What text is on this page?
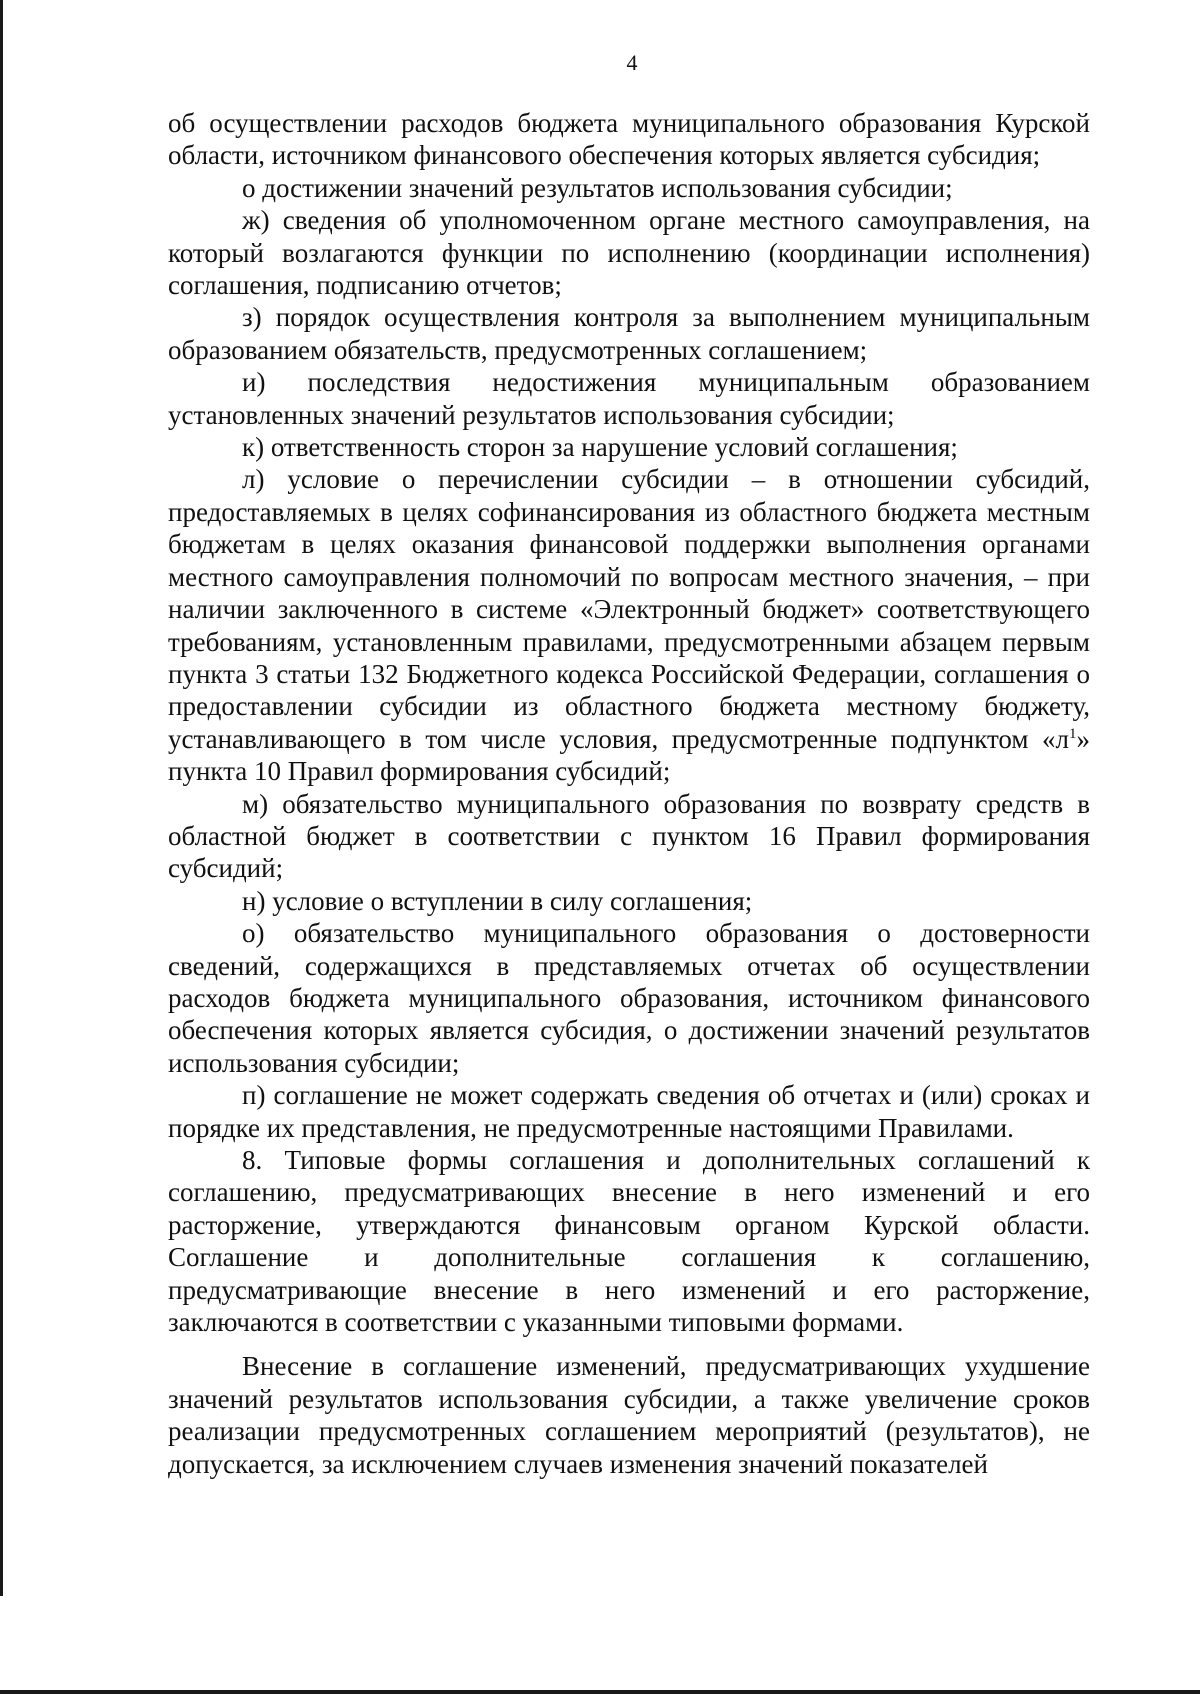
4

об осуществлении расходов бюджета муниципального образования Курской области, источником финансового обеспечения которых является субсидия;

о достижении значений результатов использования субсидии;

ж) сведения об уполномоченном органе местного самоуправления, на который возлагаются функции по исполнению (координации исполнения) соглашения, подписанию отчетов;

з) порядок осуществления контроля за выполнением муниципальным образованием обязательств, предусмотренных соглашением;

и) последствия недостижения муниципальным образованием установленных значений результатов использования субсидии;

к) ответственность сторон за нарушение условий соглашения;

л) условие о перечислении субсидии – в отношении субсидий, предоставляемых в целях софинансирования из областного бюджета местным бюджетам в целях оказания финансовой поддержки выполнения органами местного самоуправления полномочий по вопросам местного значения, – при наличии заключенного в системе «Электронный бюджет» соответствующего требованиям, установленным правилами, предусмотренными абзацем первым пункта 3 статьи 132 Бюджетного кодекса Российской Федерации, соглашения о предоставлении субсидии из областного бюджета местному бюджету, устанавливающего в том числе условия, предусмотренные подпунктом «$л^1$» пункта 10 Правил формирования субсидий;

м) обязательство муниципального образования по возврату средств в областной бюджет в соответствии с пунктом 16 Правил формирования субсидий;

н) условие о вступлении в силу соглашения;

о) обязательство муниципального образования о достоверности сведений, содержащихся в представляемых отчетах об осуществлении расходов бюджета муниципального образования, источником финансового обеспечения которых является субсидия, о достижении значений результатов использования субсидии;

п) соглашение не может содержать сведения об отчетах и (или) сроках и порядке их представления, не предусмотренные настоящими Правилами.

8. Типовые формы соглашения и дополнительных соглашений к соглашению, предусматривающих внесение в него изменений и его расторжение, утверждаются финансовым органом Курской области. Соглашение и дополнительные соглашения к соглашению, предусматривающие внесение в него изменений и его расторжение, заключаются в соответствии с указанными типовыми формами.

Внесение в соглашение изменений, предусматривающих ухудшение значений результатов использования субсидии, а также увеличение сроков реализации предусмотренных соглашением мероприятий (результатов), не допускается, за исключением случаев изменения значений показателей
